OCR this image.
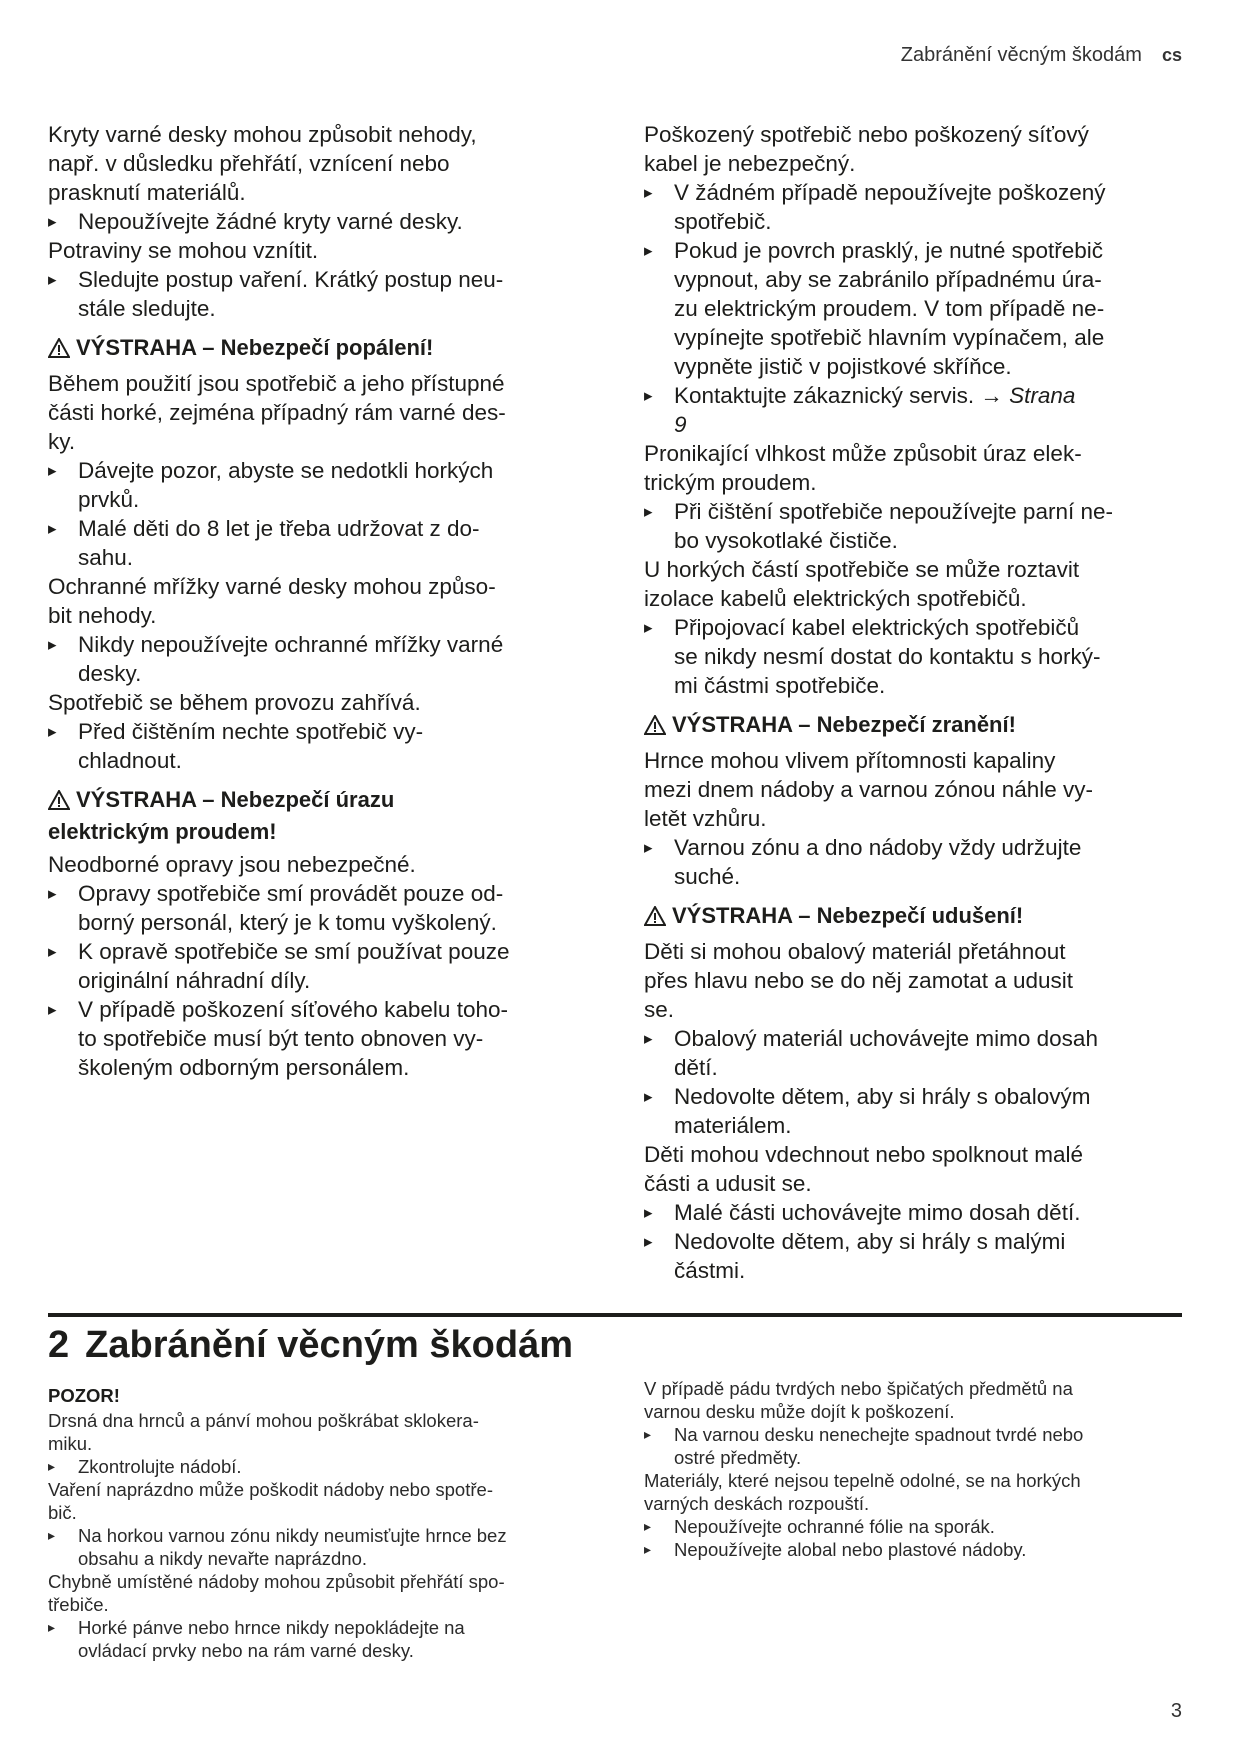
Zabránění věcným škodám cs

Kryty varné desky mohou způsobit nehody,
např. v důsledku přehřátí, vznícení nebo
prasknutí materiálů.

▸ Nepoužívejte žádné kryty varné desky.

Potraviny se mohou vznítit.

▸ Sledujte postup vaření. Krátký postup neu-
stále sledujte.

VÝSTRAHA – Nebezpečí popálení!

Během použití jsou spotřebič a jeho přístupné
části horké, zejména případný rám varné des-
ky.

▸ Dávejte pozor, abyste se nedotkli horkých
prvků.

▸ Malé děti do 8 let je třeba udržovat z do-
sahu.

Ochranné mřížky varné desky mohou způso-
bit nehody.

▸ Nikdy nepoužívejte ochranné mřížky varné
desky.

Spotřebič se během provozu zahřívá.

▸ Před čištěním nechte spotřebič vy-
chladnout.

VÝSTRAHA – Nebezpečí úrazu
elektrickým proudem!

Neodborné opravy jsou nebezpečné.

▸ Opravy spotřebiče smí provádět pouze od-
borný personál, který je k tomu vyškolený.

▸ K opravě spotřebiče se smí používat pouze
originální náhradní díly.

▸ V případě poškození síťového kabelu toho-
to spotřebiče musí být tento obnoven vy-
školeným odborným personálem.

Poškozený spotřebič nebo poškozený síťový
kabel je nebezpečný.

▸ V žádném případě nepoužívejte poškozený
spotřebič.

▸ Pokud je povrch prasklý, je nutné spotřebič
vypnout, aby se zabránilo případnému úra-
zu elektrickým proudem. V tom případě ne-
vypínejte spotřebič hlavním vypínačem, ale
vypněte jistič v pojistkové skříňce.

▸ Kontaktujte zákaznický servis. → Strana
9

Pronikající vlhkost může způsobit úraz elek-
trickým proudem.

▸ Při čištění spotřebiče nepoužívejte parní ne-
bo vysokotlaké čističe.

U horkých částí spotřebiče se může roztavit
izolace kabelů elektrických spotřebičů.

▸ Připojovací kabel elektrických spotřebičů
se nikdy nesmí dostat do kontaktu s horký-
mi částmi spotřebiče.

VÝSTRAHA – Nebezpečí zranění!

Hrnce mohou vlivem přítomnosti kapaliny
mezi dnem nádoby a varnou zónou náhle vy-
letět vzhůru.

▸ Varnou zónu a dno nádoby vždy udržujte
suché.

VÝSTRAHA – Nebezpečí udušení!

Děti si mohou obalový materiál přetáhnout
přes hlavu nebo se do něj zamotat a udusit
se.

▸ Obalový materiál uchovávejte mimo dosah
dětí.

▸ Nedovolte dětem, aby si hrály s obalovým
materiálem.

Děti mohou vdechnout nebo spolknout malé
části a udusit se.

▸ Malé části uchovávejte mimo dosah dětí.

▸ Nedovolte dětem, aby si hrály s malými
částmi.

2 Zabránění věcným škodám

POZOR!

Drsná dna hrnců a pánví mohou poškrábat sklokera-
miku.

▸ Zkontrolujte nádobí.

Vaření naprázdno může poškodit nádoby nebo spotře-
bič.

▸ Na horkou varnou zónu nikdy neumisťujte hrnce bez
obsahu a nikdy nevařte naprázdno.

Chybně umístěné nádoby mohou způsobit přehřátí spo-
třebiče.

▸ Horké pánve nebo hrnce nikdy nepokládejte na
ovládací prvky nebo na rám varné desky.

V případě pádu tvrdých nebo špičatých předmětů na
varnou desku může dojít k poškození.

▸ Na varnou desku nenechejte spadnout tvrdé nebo
ostré předměty.

Materiály, které nejsou tepelně odolné, se na horkých
varných deskách rozpouští.

▸ Nepoužívejte ochranné fólie na sporák.

▸ Nepoužívejte alobal nebo plastové nádoby.

3
